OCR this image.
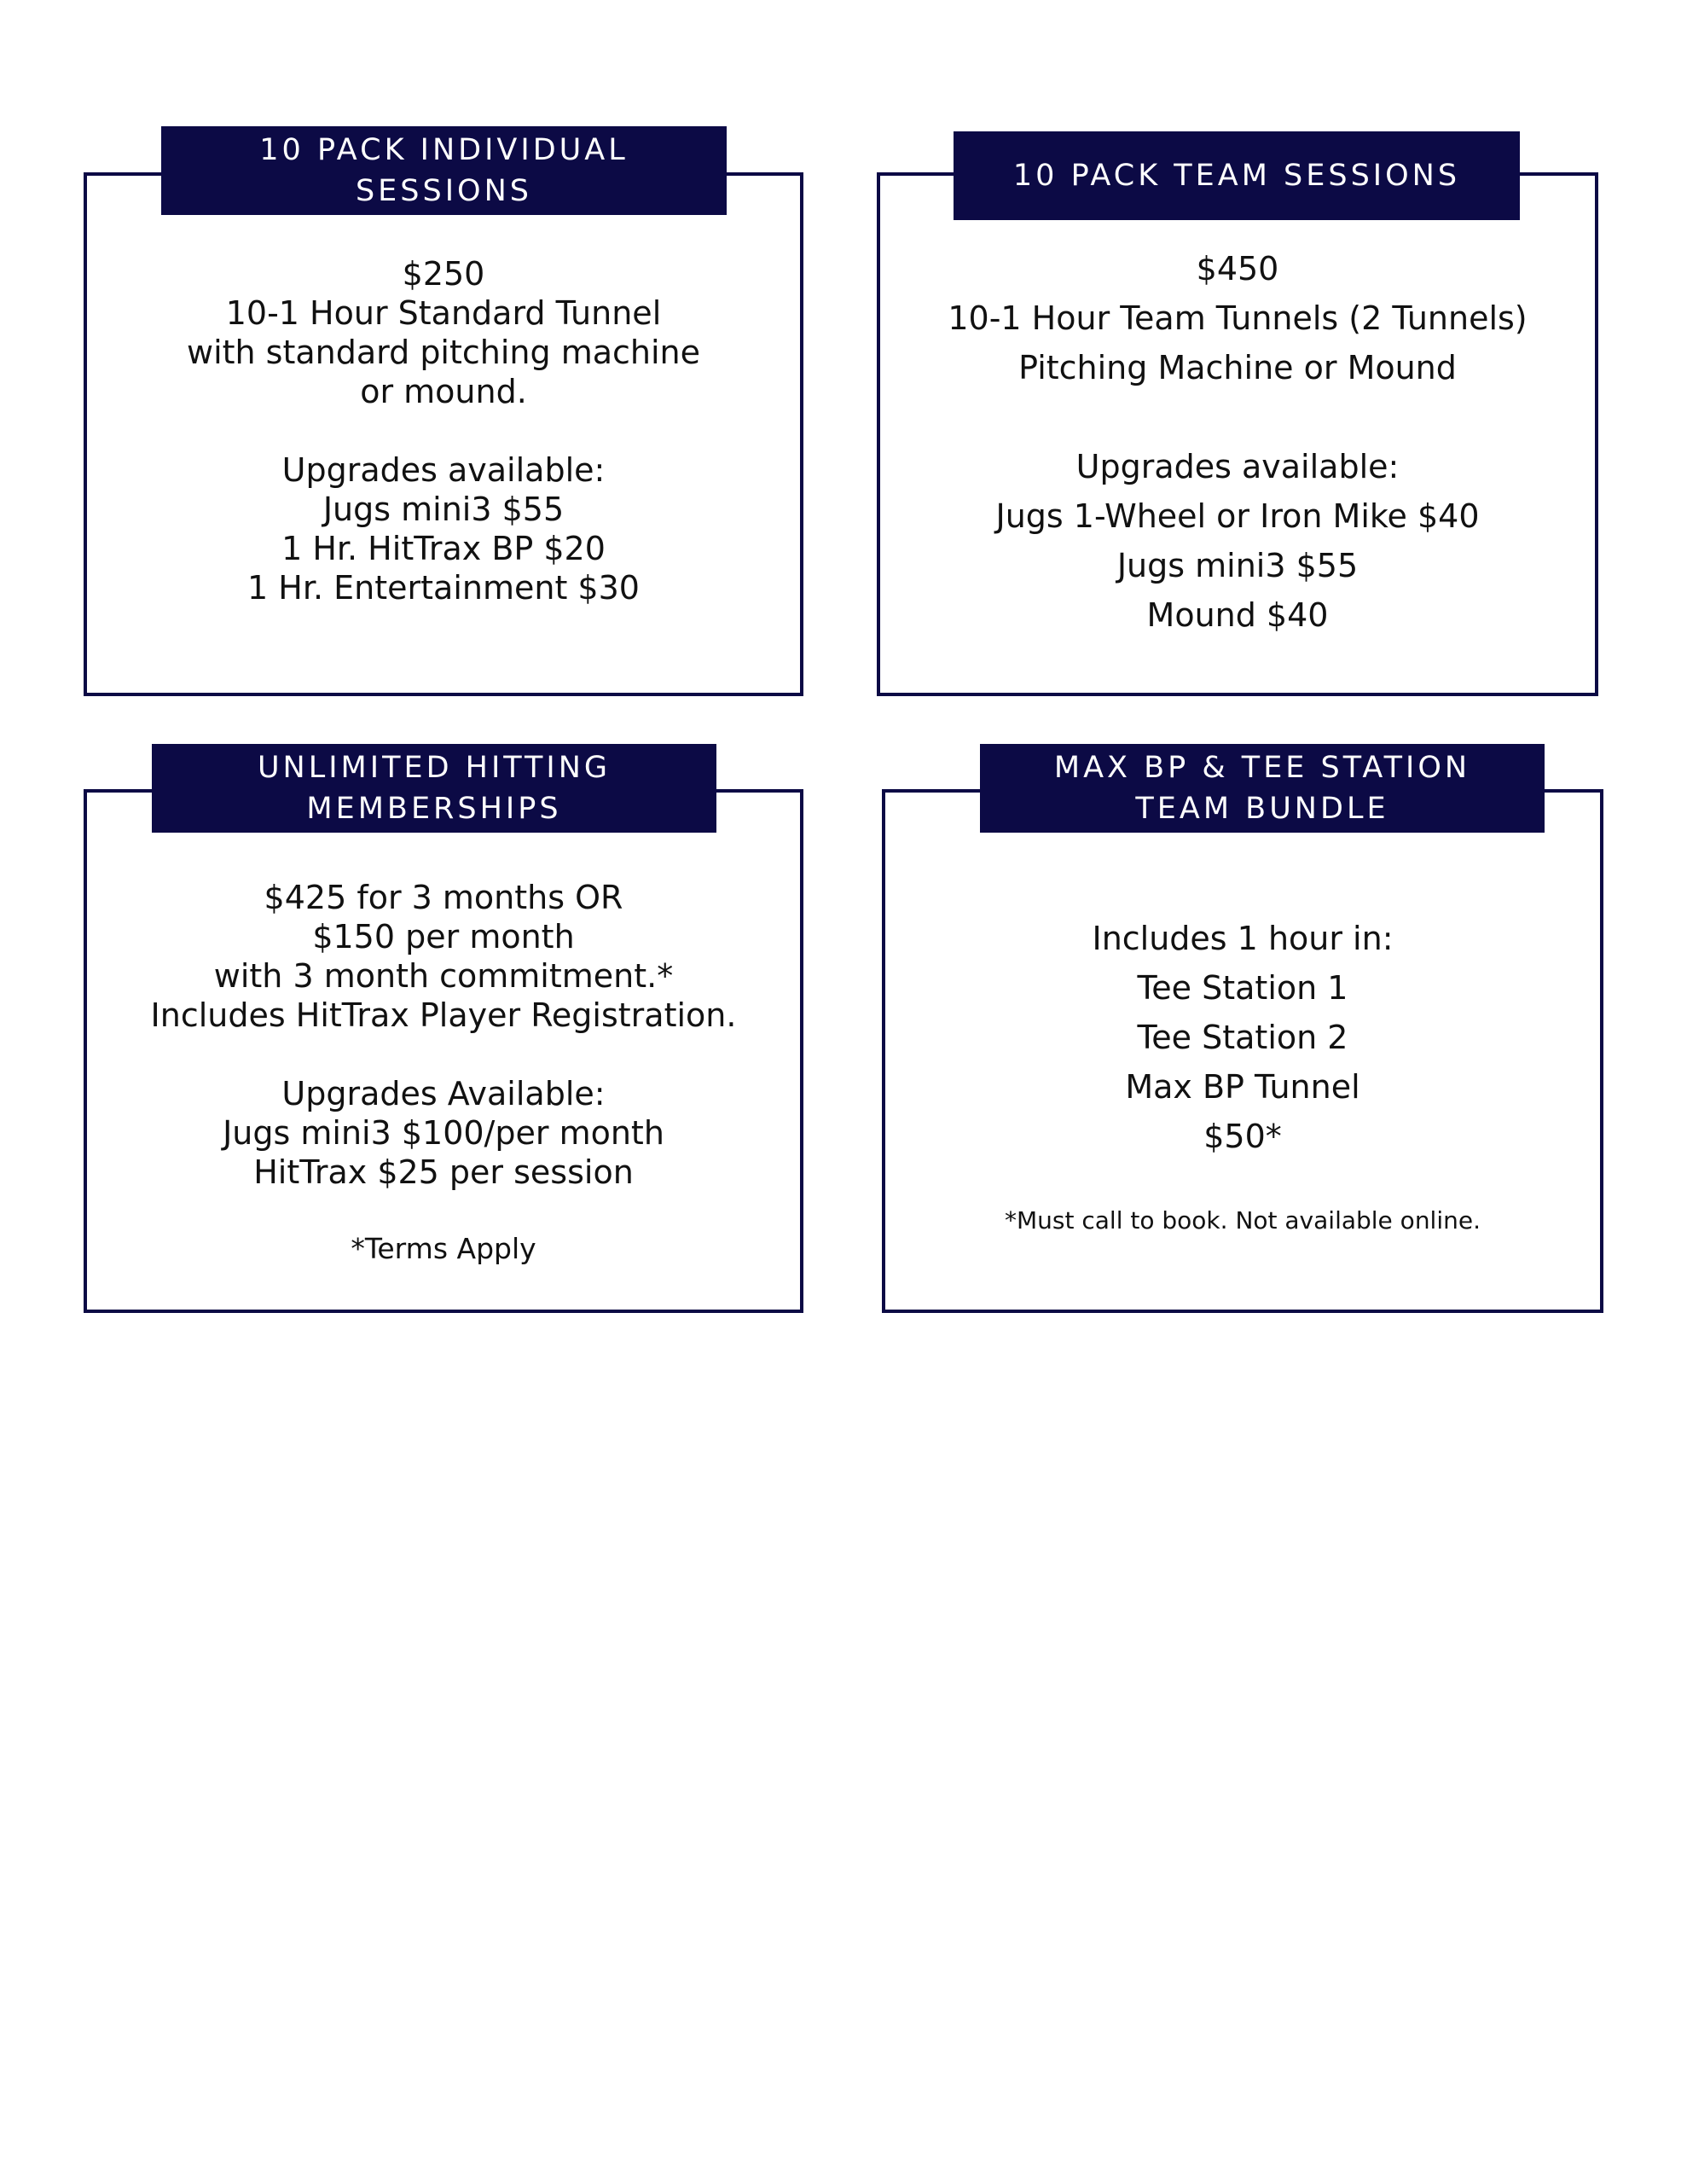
$250
10-1 Hour Standard Tunnel
with standard pitching machine
or mound.
Upgrades available:
Jugs mini3 $55
1 Hr. HitTrax BP $20
1 Hr. Entertainment $30
10 PACK INDIVIDUAL
SESSIONS
$450
10-1 Hour Team Tunnels (2 Tunnels)
Pitching Machine or Mound
Upgrades available:
Jugs 1-Wheel or Iron Mike $40
Jugs mini3 $55
Mound $40
10 PACK TEAM SESSIONS
$425 for 3 months OR
$150 per month
with 3 month commitment.*
Includes HitTrax Player Registration.
Upgrades Available:
Jugs mini3 $100/per month
HitTrax $25 per session
*Terms Apply
UNLIMITED HITTING
MEMBERSHIPS
Includes 1 hour in:
Tee Station 1
Tee Station 2
Max BP Tunnel
$50*
*Must call to book. Not available online.
MAX BP & TEE STATION
TEAM BUNDLE
